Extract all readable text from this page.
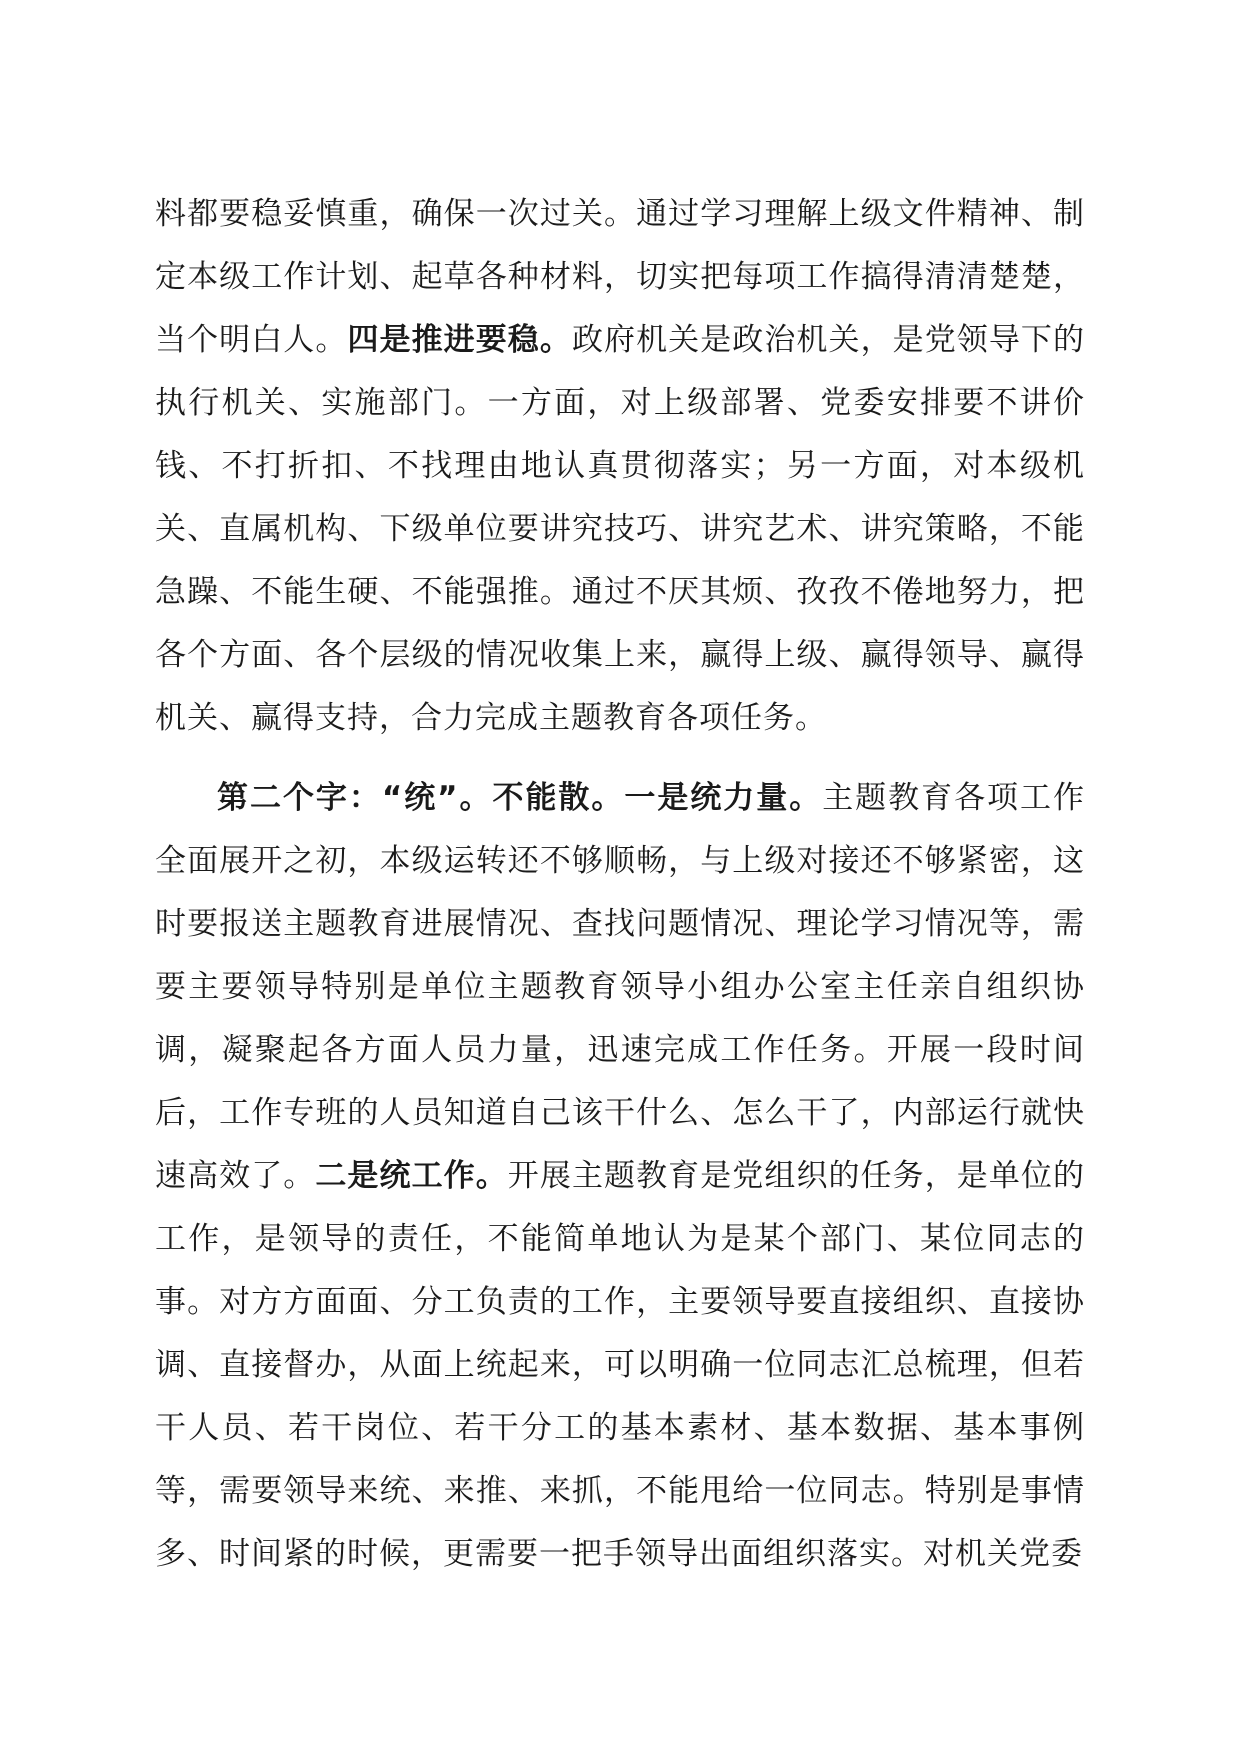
料都要稳妥慎重，确保一次过关。通过学习理解上级文件精神、制定本级工作计划、起草各种材料，切实把每项工作搞得清清楚楚，当个明白人。四是推进要稳。政府机关是政治机关，是党领导下的执行机关、实施部门。一方面，对上级部署、党委安排要不讲价钱、不打折扣、不找理由地认真贯彻落实；另一方面，对本级机关、直属机构、下级单位要讲究技巧、讲究艺术、讲究策略，不能急躁、不能生硬、不能强推。通过不厌其烦、孜孜不倦地努力，把各个方面、各个层级的情况收集上来，赢得上级、赢得领导、赢得机关、赢得支持，合力完成主题教育各项任务。

第二个字：“统”。不能散。一是统力量。主题教育各项工作全面展开之初，本级运转还不够顺畅，与上级对接还不够紧密，这时要报送主题教育进展情况、查找问题情况、理论学习情况等，需要主要领导特别是单位主题教育领导小组办公室主任亲自组织协调，凝聚起各方面人员力量，迅速完成工作任务。开展一段时间后，工作专班的人员知道自己该干什么、怎么干了，内部运行就快速高效了。二是统工作。开展主题教育是党组织的任务，是单位的工作，是领导的责任，不能简单地认为是某个部门、某位同志的事。对方方面面、分工负责的工作，主要领导要直接组织、直接协调、直接督办，从面上统起来，可以明确一位同志汇总梳理，但若干人员、若干岗位、若干分工的基本素材、基本数据、基本事例等，需要领导来统、来推、来抓，不能甩给一位同志。特别是事情多、时间紧的时候，更需要一把手领导出面组织落实。对机关党委
